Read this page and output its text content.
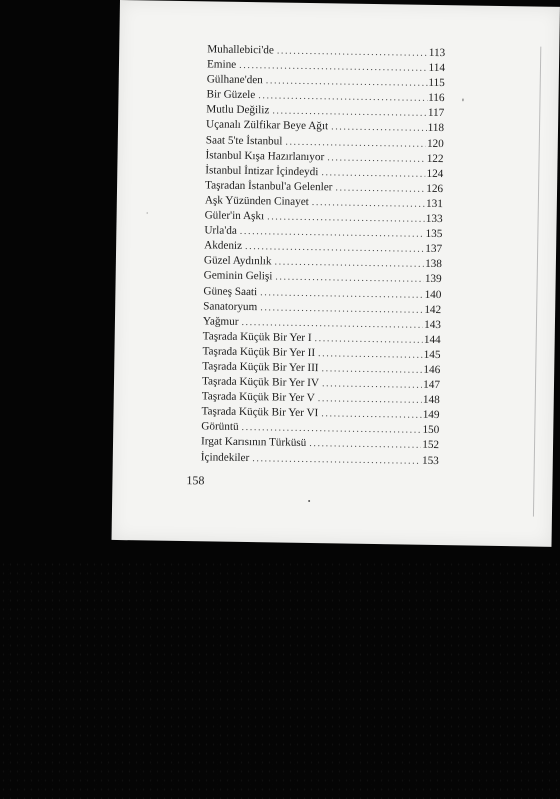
Muhallebici'de .....	113
Emine .....	114
Gülhane'den .....	115
Bir Güzele .....	116
Mutlu Değiliz .....	117
Uçanalı Zülfikar Beye Ağıt .....	118
Saat 5'te İstanbul .....	120
İstanbul Kışa Hazırlanıyor .....	122
İstanbul İntizar İçindeydi .....	124
Taşradan İstanbul'a Gelenler .....	126
Aşk Yüzünden Cinayet .....	131
Güler'in Aşkı .....	133
Urla'da .....	135
Akdeniz .....	137
Güzel Aydınlık .....	138
Geminin Gelişi .....	139
Güneş Saati .....	140
Sanatoryum .....	142
Yağmur .....	143
Taşrada Küçük Bir Yer I .....	144
Taşrada Küçük Bir Yer II .....	145
Taşrada Küçük Bir Yer III .....	146
Taşrada Küçük Bir Yer IV .....	147
Taşrada Küçük Bir Yer V .....	148
Taşrada Küçük Bir Yer VI .....	149
Görüntü .....	150
Irgat Karısının Türküsü .....	152
İçindekiler .....	153
158
